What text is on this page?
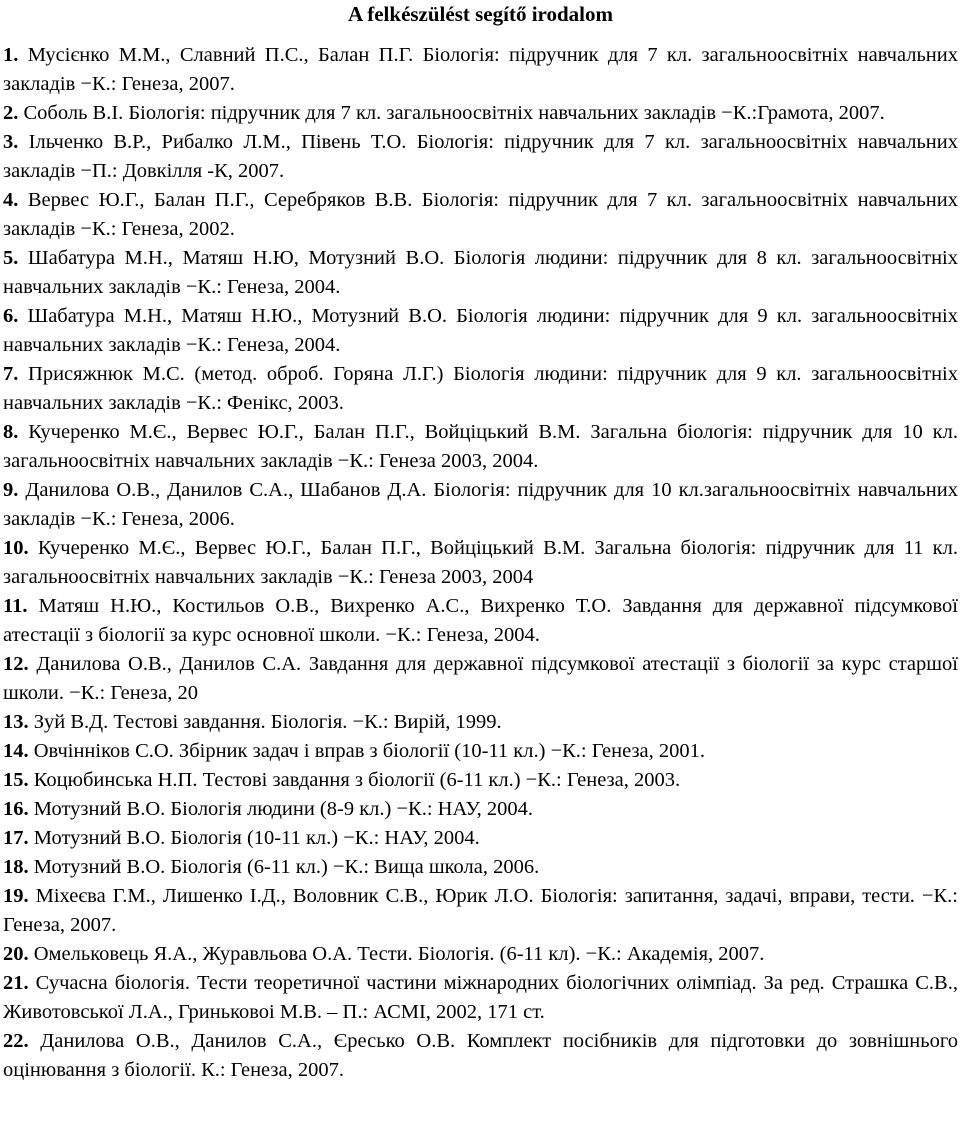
A felkészülést segítő irodalom
1. Мусієнко М.М., Славний П.С., Балан П.Г. Біологія: підручник для 7 кл. загальноосвітніх навчальних закладів −К.: Генеза, 2007.
2. Соболь В.І. Біологія: підручник для 7 кл. загальноосвітніх навчальних закладів −К.:Грамота, 2007.
3. Ільченко В.Р., Рибалко Л.М., Півень Т.О. Біологія: підручник для 7 кл. загальноосвітніх навчальних закладів −П.: Довкілля -К, 2007.
4. Вервес Ю.Г., Балан П.Г., Серебряков В.В. Біологія: підручник для 7 кл. загальноосвітніх навчальних закладів −К.: Генеза, 2002.
5. Шабатура М.Н., Матяш Н.Ю, Мотузний В.О. Біологія людини: підручник для 8 кл. загальноосвітніх навчальних закладів −К.: Генеза, 2004.
6. Шабатура М.Н., Матяш Н.Ю., Мотузний В.О. Біологія людини: підручник для 9 кл. загальноосвітніх навчальних закладів −К.: Генеза, 2004.
7. Присяжнюк М.С. (метод. оброб. Горяна Л.Г.) Біологія людини: підручник для 9 кл. загальноосвітніх навчальних закладів −К.: Фенікс, 2003.
8. Кучеренко М.Є., Вервес Ю.Г., Балан П.Г., Войціцький В.М. Загальна біологія: підручник для 10 кл. загальноосвітніх навчальних закладів −К.: Генеза 2003, 2004.
9. Данилова О.В., Данилов С.А., Шабанов Д.А. Біологія: підручник для 10 кл.загальноосвітніх навчальних закладів −К.: Генеза, 2006.
10. Кучеренко М.Є., Вервес Ю.Г., Балан П.Г., Войціцький В.М. Загальна біологія: підручник для 11 кл. загальноосвітніх навчальних закладів −К.: Генеза 2003, 2004
11. Матяш Н.Ю., Костильов О.В., Вихренко А.С., Вихренко Т.О. Завдання для державної підсумкової атестації з біології за курс основної школи. −К.: Генеза, 2004.
12. Данилова О.В., Данилов С.А. Завдання для державної підсумкової атестації з біології за курс старшої школи. −К.: Генеза, 20
13. Зуй В.Д. Тестові завдання. Біологія. −К.: Вирій, 1999.
14. Овчінніков С.О. Збірник задач і вправ з біології (10-11 кл.) −К.: Генеза, 2001.
15. Коцюбинська Н.П. Тестові завдання з біології (6-11 кл.) −К.: Генеза, 2003.
16. Мотузний В.О. Біологія людини (8-9 кл.) −К.: НАУ, 2004.
17. Мотузний В.О. Біологія (10-11 кл.) −К.: НАУ, 2004.
18. Мотузний В.О. Біологія (6-11 кл.) −К.: Вища школа, 2006.
19. Міхеєва Г.М., Лишенко І.Д., Воловник С.В., Юрик Л.О. Біологія: запитання, задачі, вправи, тести. −К.: Генеза, 2007.
20. Омельковець Я.А., Журавльова О.А. Тести. Біологія. (6-11 кл). −К.: Академія, 2007.
21. Сучасна біологія. Тести теоретичної частини міжнародних біологічних олімпіад. За ред. Страшка С.В., Животовської Л.А., Гриньковоі М.В. – П.: АСМІ, 2002, 171 ст.
22. Данилова О.В., Данилов С.А., Єресько О.В. Комплект посібників для підготовки до зовнішнього оцінювання з біології. К.: Генеза, 2007.
